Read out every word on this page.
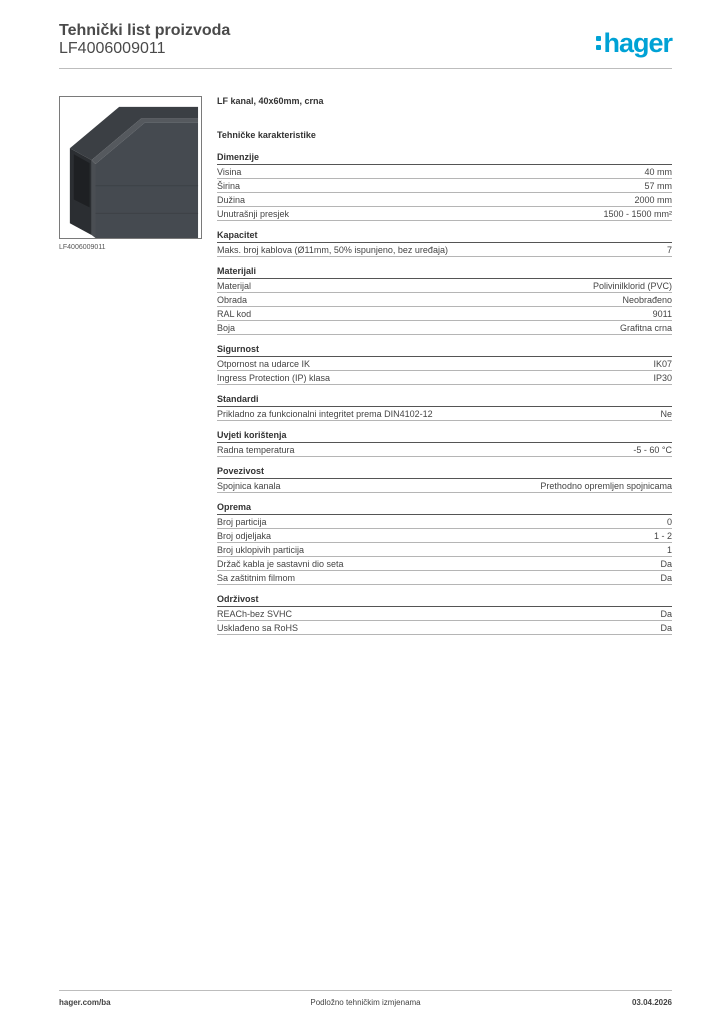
Tehnički list proizvoda
LF4006009011	hager
LF4006009011
LF kanal, 40x60mm, crna
Tehničke karakteristike
Dimenzije
Visina	40 mm
Širina	57 mm
Dužina	2000 mm
Unutrašnji presjek	1500 - 1500 mm²
Kapacitet
Maks. broj kablova (Ø11mm, 50% ispunjeno, bez uređaja)	7
Materijali
Materijal	Polivinilklorid (PVC)
Obrada	Neobrađeno
RAL kod	9011
Boja	Grafitna crna
Sigurnost
Otpornost na udarce IK	IK07
Ingress Protection (IP) klasa	IP30
Standardi
Prikladno za funkcionalni integritet prema DIN4102-12	Ne
Uvjeti korištenja
Radna temperatura	-5 - 60 °C
Povezivost
Spojnica kanala	Prethodno opremljen spojnicama
Oprema
Broj particija	0
Broj odjeljaka	1 - 2
Broj uklopivih particija	1
Držač kabla je sastavni dio seta	Da
Sa zaštitnim filmom	Da
Održivost
REACh-bez SVHC	Da
Usklađeno sa RoHS	Da
hager.com/ba	Podložno tehničkim izmjenama	03.04.2026
